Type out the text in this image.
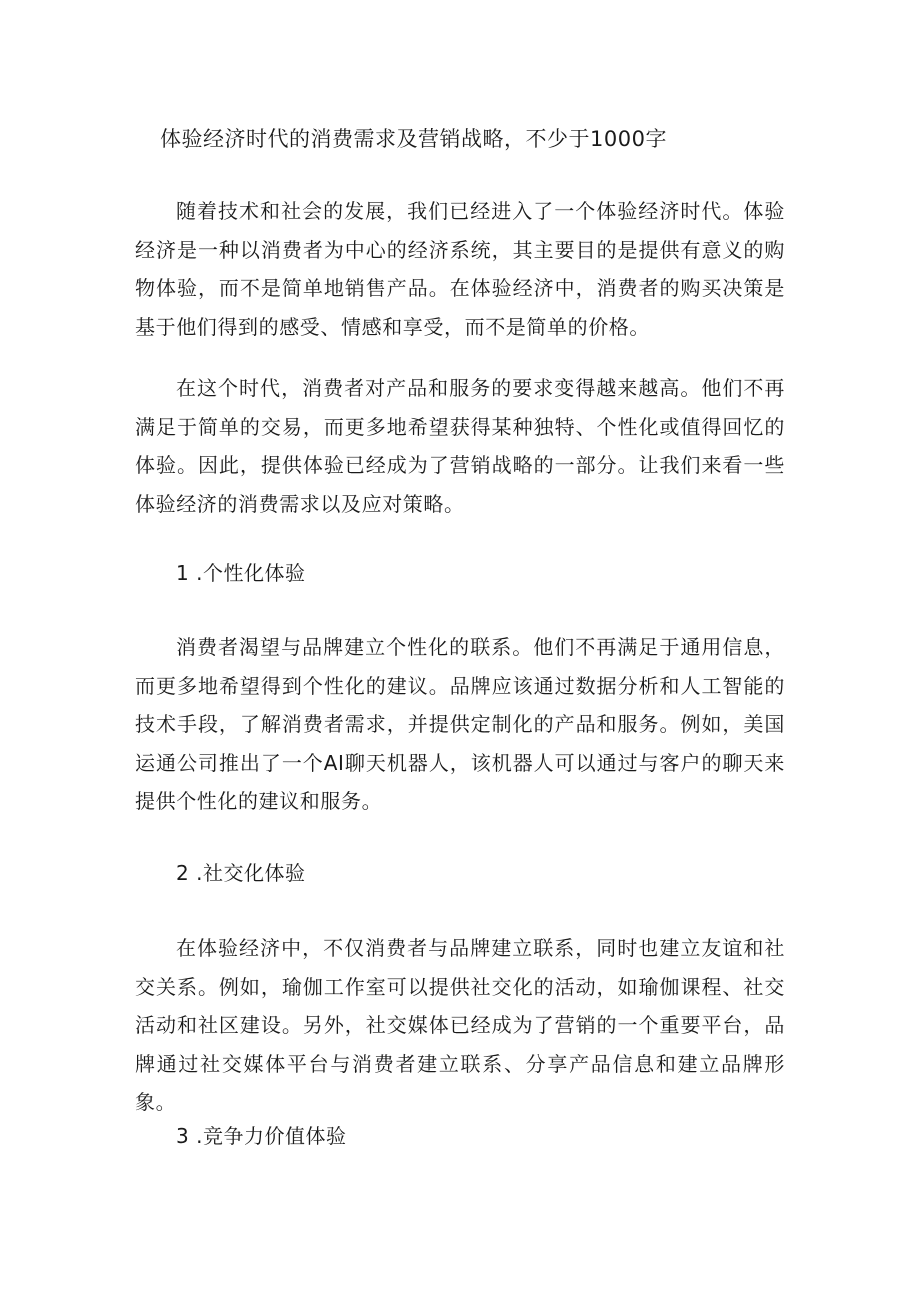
体验经济时代的消费需求及营销战略，不少于1000字

随着技术和社会的发展，我们已经进入了一个体验经济时代。体验经济是一种以消费者为中心的经济系统，其主要目的是提供有意义的购物体验，而不是简单地销售产品。在体验经济中，消费者的购买决策是基于他们得到的感受、情感和享受，而不是简单的价格。

在这个时代，消费者对产品和服务的要求变得越来越高。他们不再满足于简单的交易，而更多地希望获得某种独特、个性化或值得回忆的体验。因此，提供体验已经成为了营销战略的一部分。让我们来看一些体验经济的消费需求以及应对策略。

1 .个性化体验

消费者渴望与品牌建立个性化的联系。他们不再满足于通用信息，而更多地希望得到个性化的建议。品牌应该通过数据分析和人工智能的技术手段，了解消费者需求，并提供定制化的产品和服务。例如，美国运通公司推出了一个AI聊天机器人，该机器人可以通过与客户的聊天来提供个性化的建议和服务。

2 .社交化体验

在体验经济中，不仅消费者与品牌建立联系，同时也建立友谊和社交关系。例如，瑜伽工作室可以提供社交化的活动，如瑜伽课程、社交活动和社区建设。另外，社交媒体已经成为了营销的一个重要平台，品牌通过社交媒体平台与消费者建立联系、分享产品信息和建立品牌形象。

3 .竞争力价值体验
